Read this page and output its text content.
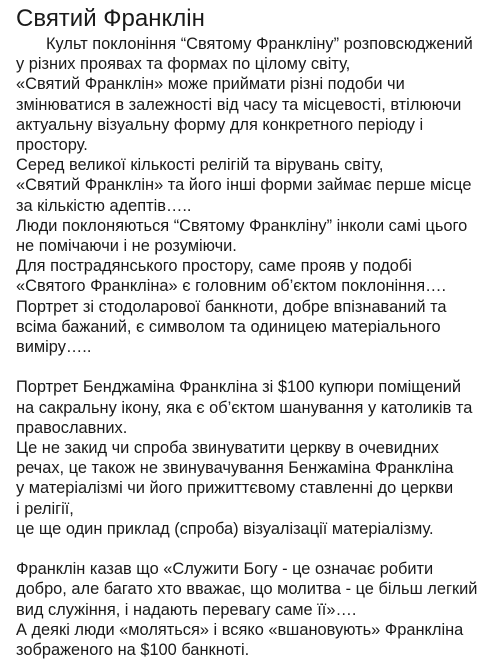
Святий Франклін

Культ поклоніння “Святому Франкліну” розповсюджений

у різних проявах та формах по цілому світу,

«Святий Франклін» може приймати різні подоби чи

змінюватися в залежності від часу та місцевості, втілюючи

актуальну візуальну форму для конкретного періоду і

простору.

Серед великої кількості релігій та вірувань світу,

«Святий Франклін» та його інші форми займає перше місце

за кількістю адептів…..

Люди поклоняються “Святому Франкліну” інколи самі цього

не помічаючи і не розуміючи.

Для пострадянського простору, саме прояв у подобі

«Святого Франкліна» є головним об’єктом поклоніння….

Портрет зі стодоларової банкноти, добре впізнаваний та

всіма бажаний, є символом та одиницею матеріального

виміру…..

Портрет Бенджаміна Франкліна зі $100 купюри поміщений

на сакральну ікону, яка є об’єктом шанування у католиків та

православних.

Це не закид чи спроба звинуватити церкву в очевидних

речах, це також не звинувачування Бенжаміна Франкліна

у матеріалізмі чи його прижиттєвому ставленні до церкви

і релігії,

це ще один приклад (спроба) візуалізації матеріалізму.

Франклін казав що «Служити Богу - це означає робити

добро, але багато хто вважає, що молитва - це більш легкий

вид служіння, і надають перевагу саме її»….

А деякі люди «моляться» і всяко «вшановують» Франкліна

зображеного на $100 банкноті.
